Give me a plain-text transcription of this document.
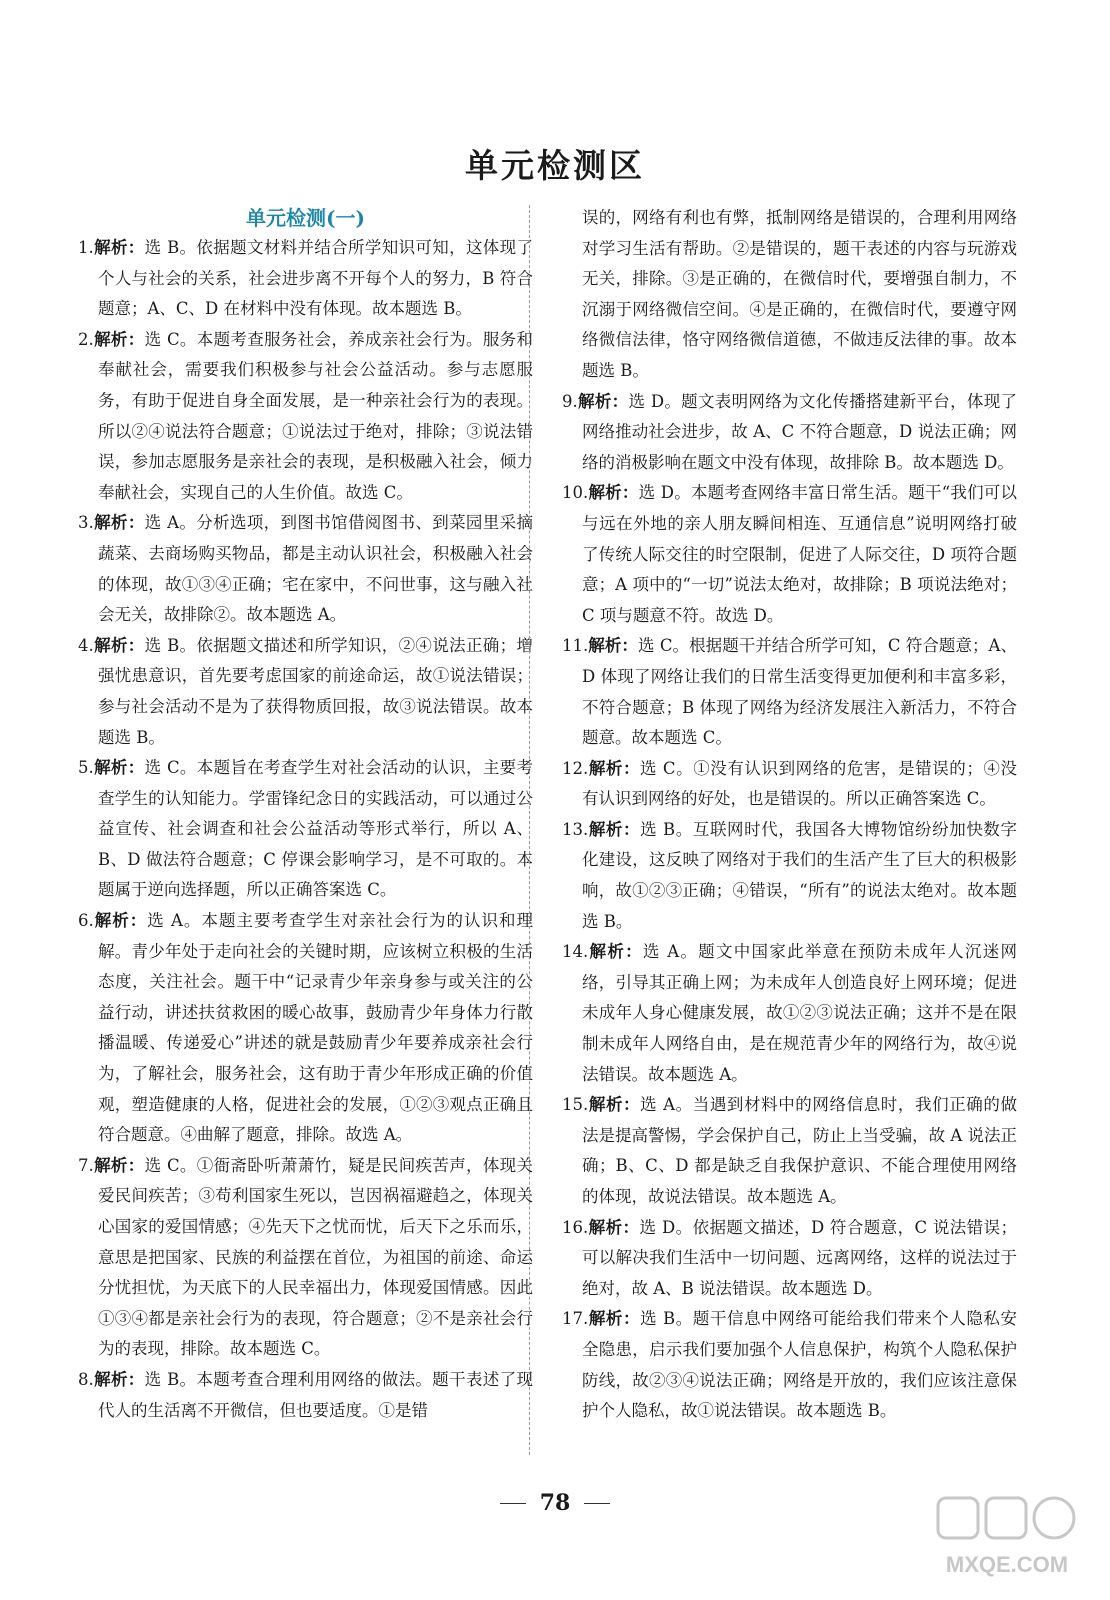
单元检测区
单元检测(一)
1.解析：选 B。依据题文材料并结合所学知识可知，这体现了个人与社会的关系，社会进步离不开每个人的努力，B 符合题意；A、C、D 在材料中没有体现。故本题选 B。
2.解析：选 C。本题考查服务社会，养成亲社会行为。服务和奉献社会，需要我们积极参与社会公益活动。参与志愿服务，有助于促进自身全面发展，是一种亲社会行为的表现。所以②④说法符合题意；①说法过于绝对，排除；③说法错误，参加志愿服务是亲社会的表现，是积极融入社会，倾力奉献社会，实现自己的人生价值。故选 C。
3.解析：选 A。分析选项，到图书馆借阅图书、到菜园里采摘蔬菜、去商场购买物品，都是主动认识社会，积极融入社会的体现，故①③④正确；宅在家中，不问世事，这与融入社会无关，故排除②。故本题选 A。
4.解析：选 B。依据题文描述和所学知识，②④说法正确；增强忧患意识，首先要考虑国家的前途命运，故①说法错误；参与社会活动不是为了获得物质回报，故③说法错误。故本题选 B。
5.解析：选 C。本题旨在考查学生对社会活动的认识，主要考查学生的认知能力。学雷锋纪念日的实践活动，可以通过公益宣传、社会调查和社会公益活动等形式举行，所以 A、B、D 做法符合题意；C 停课会影响学习，是不可取的。本题属于逆向选择题，所以正确答案选 C。
6.解析：选 A。本题主要考查学生对亲社会行为的认识和理解。青少年处于走向社会的关键时期，应该树立积极的生活态度，关注社会。题干中“记录青少年亲身参与或关注的公益行动，讲述扶贫救困的暖心故事，鼓励青少年身体力行散播温暖、传递爱心”讲述的就是鼓励青少年要养成亲社会行为，了解社会，服务社会，这有助于青少年形成正确的价值观，塑造健康的人格，促进社会的发展，①②③观点正确且符合题意。④曲解了题意，排除。故选 A。
7.解析：选 C。①衙斋卧听萧萧竹，疑是民间疾苦声，体现关爱民间疾苦；③苟利国家生死以，岂因祸福避趋之，体现关心国家的爱国情感；④先天下之忧而忧，后天下之乐而乐，意思是把国家、民族的利益摆在首位，为祖国的前途、命运分忧担忧，为天底下的人民幸福出力，体现爱国情感。因此①③④都是亲社会行为的表现，符合题意；②不是亲社会行为的表现，排除。故本题选 C。
8.解析：选 B。本题考查合理利用网络的做法。题干表述了现代人的生活离不开微信，但也要适度。①是错
误的，网络有利也有弊，抵制网络是错误的，合理利用网络对学习生活有帮助。②是错误的，题干表述的内容与玩游戏无关，排除。③是正确的，在微信时代，要增强自制力，不沉溺于网络微信空间。④是正确的，在微信时代，要遵守网络微信法律，恪守网络微信道德，不做违反法律的事。故本题选 B。
9.解析：选 D。题文表明网络为文化传播搭建新平台，体现了网络推动社会进步，故 A、C 不符合题意，D 说法正确；网络的消极影响在题文中没有体现，故排除 B。故本题选 D。
10.解析：选 D。本题考查网络丰富日常生活。题干“我们可以与远在外地的亲人朋友瞬间相连、互通信息”说明网络打破了传统人际交往的时空限制，促进了人际交往，D 项符合题意；A 项中的“一切”说法太绝对，故排除；B 项说法绝对；C 项与题意不符。故选 D。
11.解析：选 C。根据题干并结合所学可知，C 符合题意；A、D 体现了网络让我们的日常生活变得更加便利和丰富多彩，不符合题意；B 体现了网络为经济发展注入新活力，不符合题意。故本题选 C。
12.解析：选 C。①没有认识到网络的危害，是错误的；④没有认识到网络的好处，也是错误的。所以正确答案选 C。
13.解析：选 B。互联网时代，我国各大博物馆纷纷加快数字化建设，这反映了网络对于我们的生活产生了巨大的积极影响，故①②③正确；④错误，“所有”的说法太绝对。故本题选 B。
14.解析：选 A。题文中国家此举意在预防未成年人沉迷网络，引导其正确上网；为未成年人创造良好上网环境；促进未成年人身心健康发展，故①②③说法正确；这并不是在限制未成年人网络自由，是在规范青少年的网络行为，故④说法错误。故本题选 A。
15.解析：选 A。当遇到材料中的网络信息时，我们正确的做法是提高警惕，学会保护自己，防止上当受骗，故 A 说法正确；B、C、D 都是缺乏自我保护意识、不能合理使用网络的体现，故说法错误。故本题选 A。
16.解析：选 D。依据题文描述，D 符合题意，C 说法错误；可以解决我们生活中一切问题、远离网络，这样的说法过于绝对，故 A、B 说法错误。故本题选 D。
17.解析：选 B。题干信息中网络可能给我们带来个人隐私安全隐患，启示我们要加强个人信息保护，构筑个人隐私保护防线，故②③④说法正确；网络是开放的，我们应该注意保护个人隐私，故①说法错误。故本题选 B。
78
MXQE.COM
